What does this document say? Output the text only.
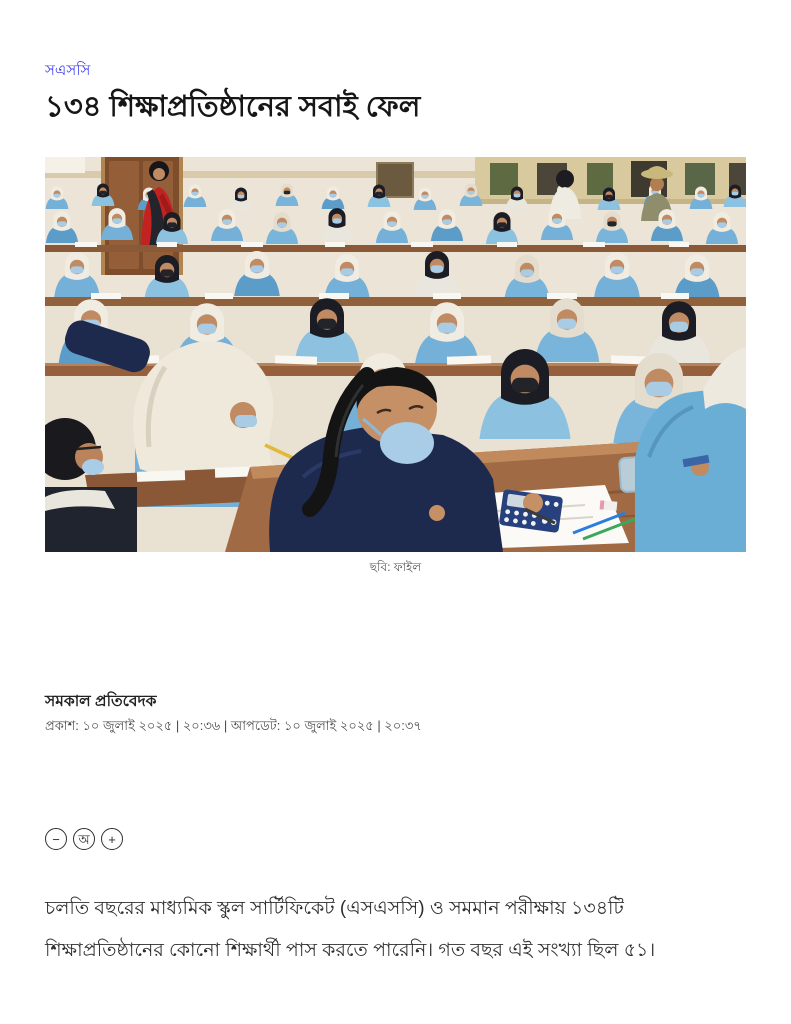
সএসসি
১৩৪ শিক্ষাপ্রতিষ্ঠানের সবাই ফেল
ছবি: ফাইল
সমকাল প্রতিবেদক
প্রকাশ: ১০ জুলাই ২০২৫ | ২০:৩৬ | আপডেট: ১০ জুলাই ২০২৫ | ২০:৩৭
−	অ	+

চলতি বছরের মাধ্যমিক স্কুল সার্টিফিকেট (এসএসসি) ও সমমান পরীক্ষায় ১৩৪টি শিক্ষাপ্রতিষ্ঠানের কোনো শিক্ষার্থী পাস করতে পারেনি। গত বছর এই সংখ্যা ছিল ৫১।
